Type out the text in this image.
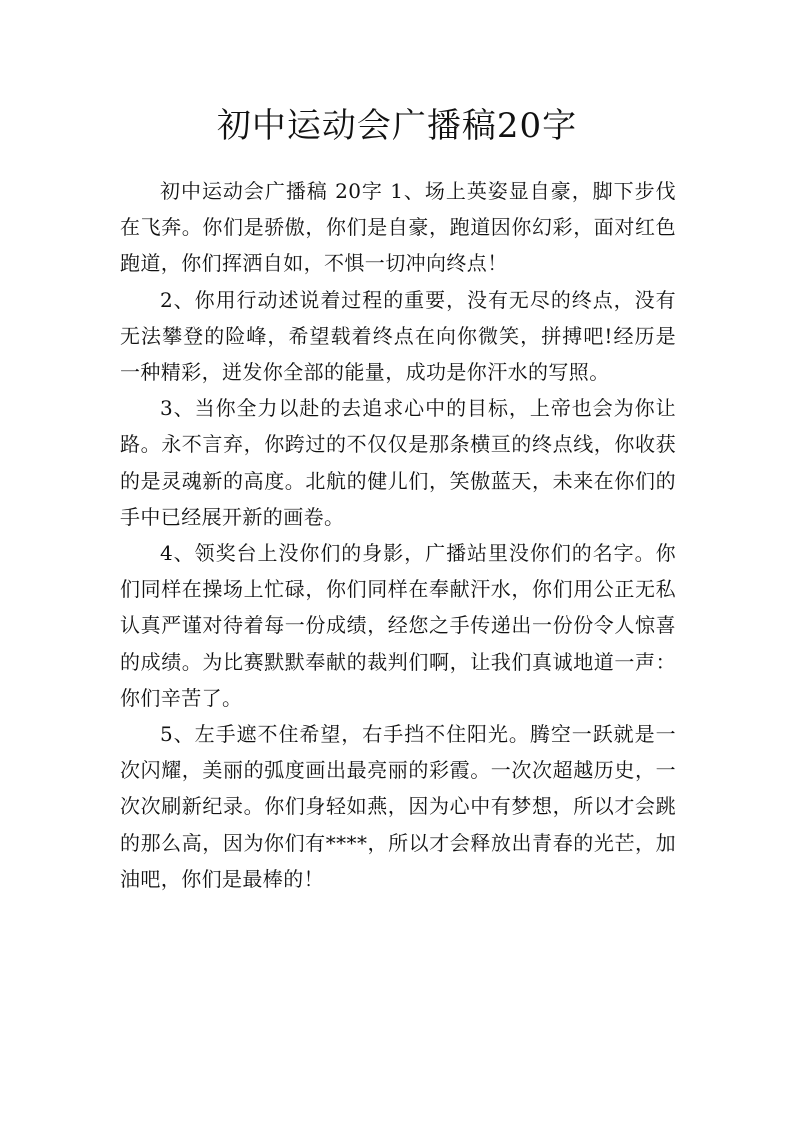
初中运动会广播稿20字

初中运动会广播稿 20字 1、场上英姿显自豪，脚下步伐在飞奔。你们是骄傲，你们是自豪，跑道因你幻彩，面对红色跑道，你们挥洒自如，不惧一切冲向终点！

2、你用行动述说着过程的重要，没有无尽的终点，没有无法攀登的险峰，希望载着终点在向你微笑，拼搏吧!经历是一种精彩，迸发你全部的能量，成功是你汗水的写照。

3、当你全力以赴的去追求心中的目标，上帝也会为你让路。永不言弃，你跨过的不仅仅是那条横亘的终点线，你收获的是灵魂新的高度。北航的健儿们，笑傲蓝天，未来在你们的手中已经展开新的画卷。

4、领奖台上没你们的身影，广播站里没你们的名字。你们同样在操场上忙碌，你们同样在奉献汗水，你们用公正无私认真严谨对待着每一份成绩，经您之手传递出一份份令人惊喜的成绩。为比赛默默奉献的裁判们啊，让我们真诚地道一声：你们辛苦了。

5、左手遮不住希望，右手挡不住阳光。腾空一跃就是一次闪耀，美丽的弧度画出最亮丽的彩霞。一次次超越历史，一次次刷新纪录。你们身轻如燕，因为心中有梦想，所以才会跳的那么高，因为你们有****，所以才会释放出青春的光芒，加油吧，你们是最棒的！
